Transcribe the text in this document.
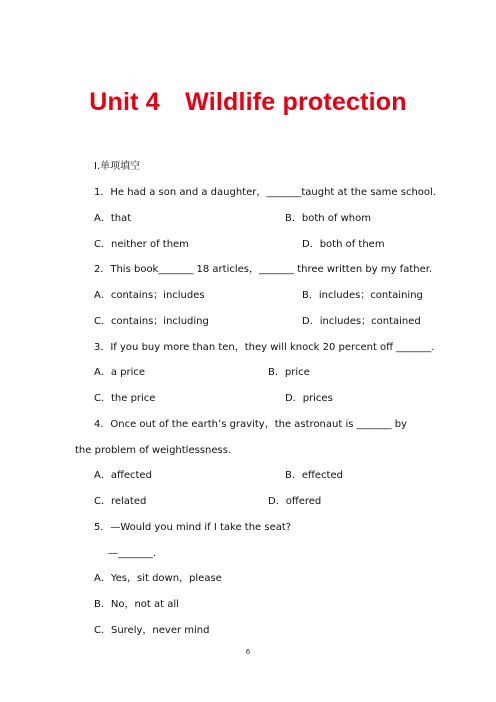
Unit 4　Wildlife protection
Ⅰ.单项填空
1．He had a son and a daughter，_______taught at the same school.
A．that	B．both of whom
C．neither of them	D．both of them
2．This book_______ 18 articles，_______ three written by my father.
A．contains；includes	B．includes；containing
C．contains；including	D．includes；contained
3．If you buy more than ten，they will knock 20 percent off _______.
A．a price	B．price
C．the price	D．prices
4．Once out of the earth’s gravity，the astronaut is _______ by the problem of weightlessness.
A．affected	B．effected
C．related	D．offered
5．—Would you mind if I take the seat?
—_______.
A．Yes，sit down，please
B．No，not at all
C．Surely，never mind
6
